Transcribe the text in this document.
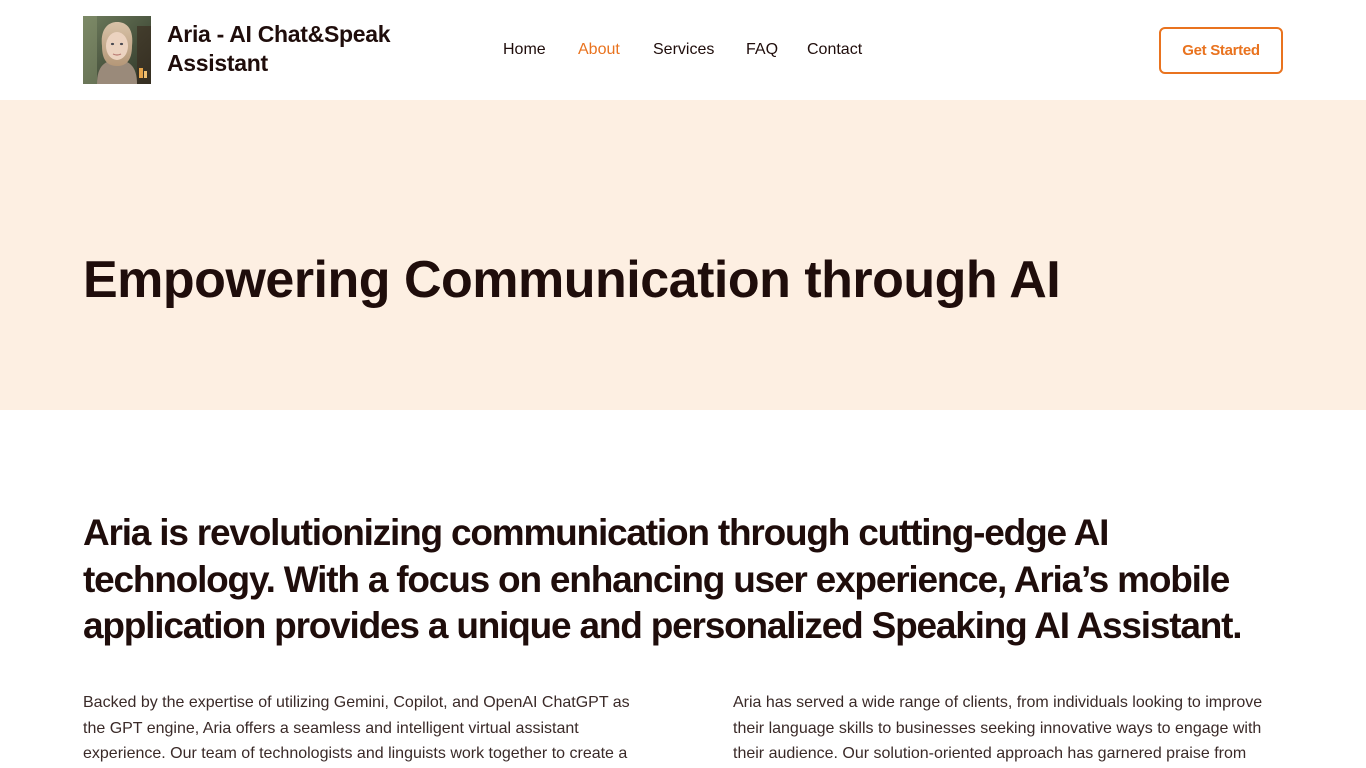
Aria - AI Chat&Speak Assistant
Home About Services FAQ Contact	Get Started
Empowering Communication through AI
Aria is revolutionizing communication through cutting-edge AI technology. With a focus on enhancing user experience, Aria’s mobile application provides a unique and personalized Speaking AI Assistant.

Backed by the expertise of utilizing Gemini, Copilot, and OpenAI ChatGPT as the GPT engine, Aria offers a seamless and intelligent virtual assistant experience. Our team of technologists and linguists work together to create a

Aria has served a wide range of clients, from individuals looking to improve their language skills to businesses seeking innovative ways to engage with their audience. Our solution-oriented approach has garnered praise from
